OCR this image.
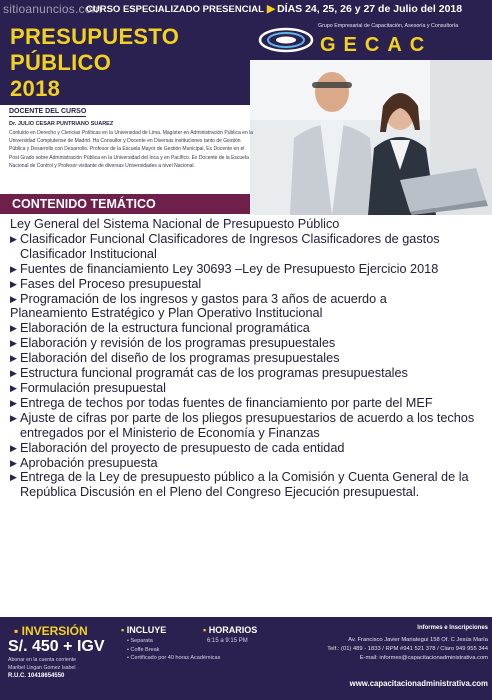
sitioanuncios.com
CURSO ESPECIALIZADO PRESENCIAL ▶ DÍAS 24, 25, 26 y 27 de Julio del 2018
PRESUPUESTO
PÚBLICO
2018
Grupo Empresarial de Capacitación, Asesoría y Consultoría
GECAC
DOCENTE DEL CURSO
Dr. JULIO CESAR PUNTRIANO SUAREZ
Conluido en Derecho y Ciencias Políticas en la Universidad de Lima. Magíster en Administración Pública en la Universidad Complutense de Madrid. Ha Consultor y Docente en Diversas instituciones tanto de Gestión Pública y Desarrollo con Desarrollo. Profesor de la Escuela Mayor de Gestión Municipal, Ex Docente en el Post Grado sobre Administración Pública en la Universidad del Inca y en Pacífico. Ex Docente de la Escuela Nacional de Control y Profesor visitante de diversas Universidades a nivel Nacional.
CONTENIDO TEMÁTICO
Ley General del Sistema Nacional de Presupuesto Público
▶ Clasificador Funcional Clasificadores de Ingresos Clasificadores de gastos Clasificador Institucional
▶ Fuentes de financiamiento Ley 30693 –Ley de Presupuesto Ejercicio 2018
▶ Fases del Proceso presupuestal
▶ Programación de los ingresos y gastos para 3 años de acuerdo a
Planeamiento Estratégico y Plan Operativo Institucional
▶ Elaboración de la estructura funcional programática
▶ Elaboración y revisión de los programas presupuestales
▶ Elaboración del diseño de los programas presupuestales
▶ Estructura funcional programát cas de los programas presupuestales
▶ Formulación presupuestal
▶ Entrega de techos por todas fuentes de financiamiento por parte del MEF
▶ Ajuste de cifras por parte de los pliegos presupuestarios de acuerdo a los techos entregados por el Ministerio de Economía y Finanzas
▶ Elaboración del proyecto de presupuesto de cada entidad
▶ Aprobación presupuesta
▶ Entrega de la Ley de presupuesto público a la Comisión y Cuenta General de la República Discusión en el Pleno del Congreso Ejecución presupuestal.
▪ INVERSIÓN
S/. 450 + IGV
Abonar en la cuenta corriente
Maribel Lingan Gomez Isabel
R.U.C. 10418654550
▪ INCLUYE
• Separata
• Coffe Break
• Certificado por 40 horas Académicas
▪ HORARIOS
6:15 a 9:15 PM
Informes e Inscripciones
Av. Francisco Javier Mariategui 158 Of. C Jesús María
Telf.: (01) 489 - 1833 / RPM #941 521 378 / Claro 949 955 344
E-mail: informes@capacitacionadministrativa.com
www.capacitacionadministrativa.com
